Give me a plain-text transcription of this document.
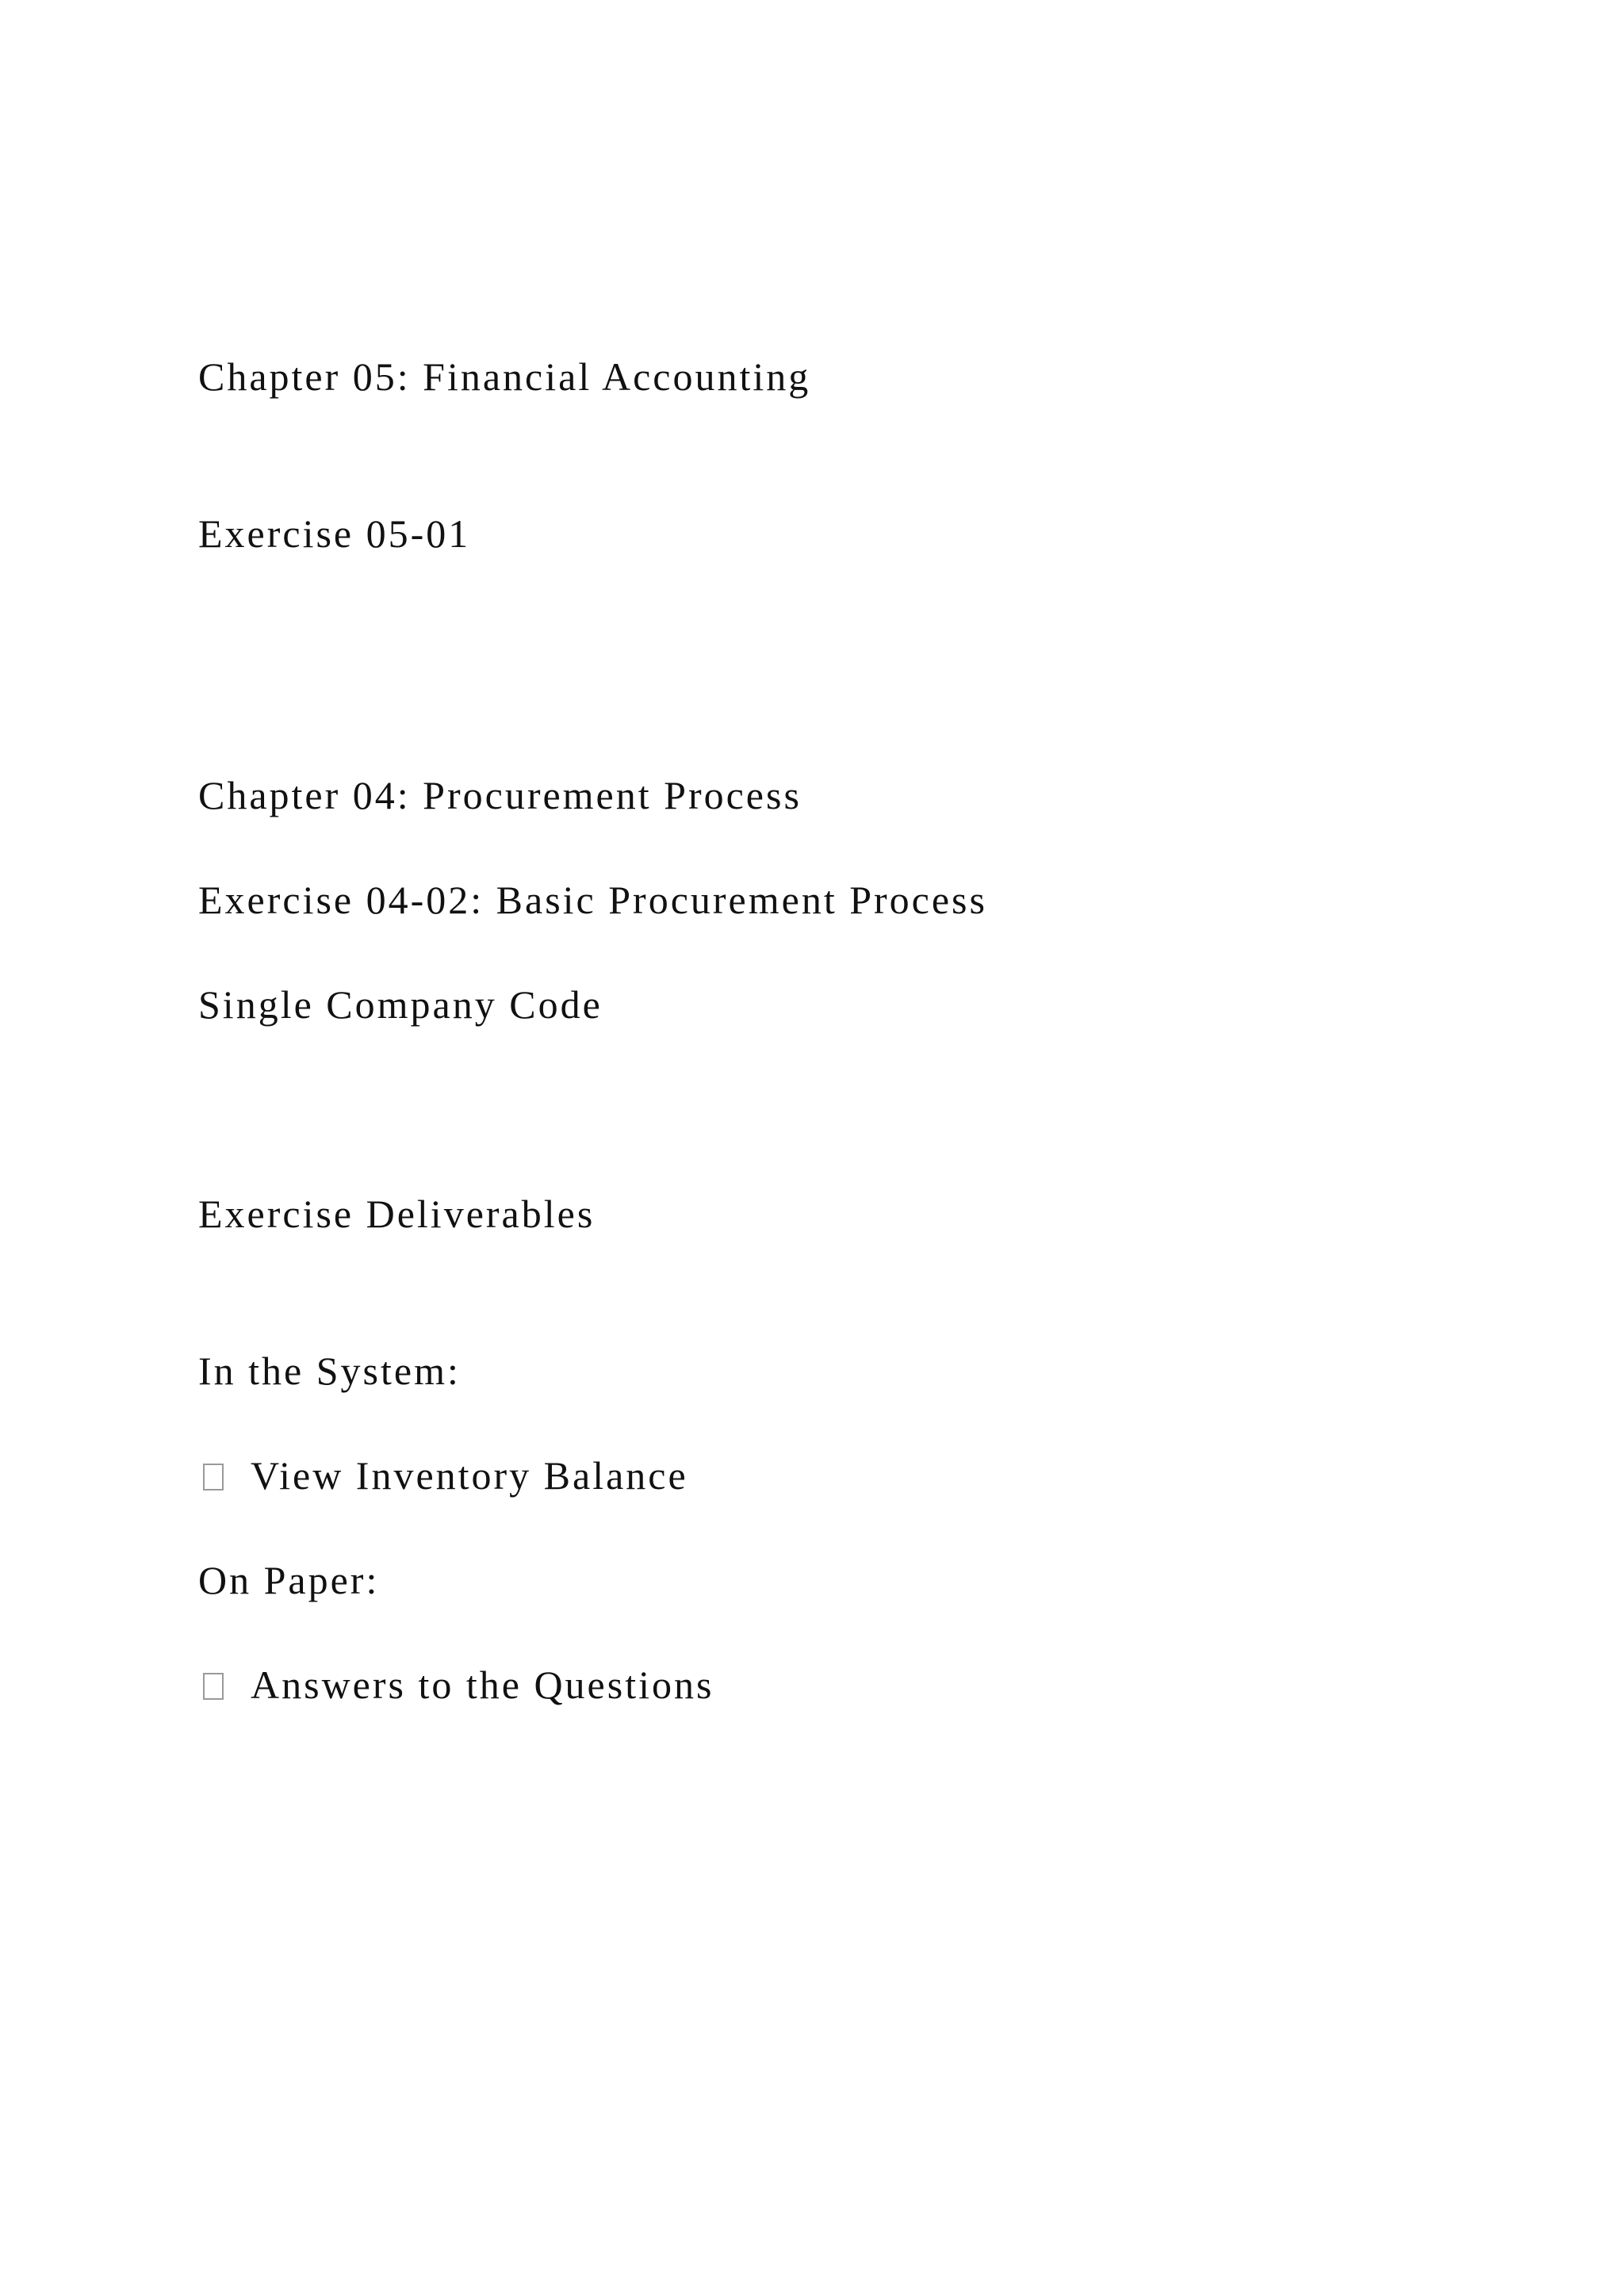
Chapter 05: Financial Accounting
Exercise 05-01
Chapter 04: Procurement Process
Exercise 04-02: Basic Procurement Process
Single Company Code
Exercise Deliverables
In the System:
View Inventory Balance
On Paper:
Answers to the Questions
